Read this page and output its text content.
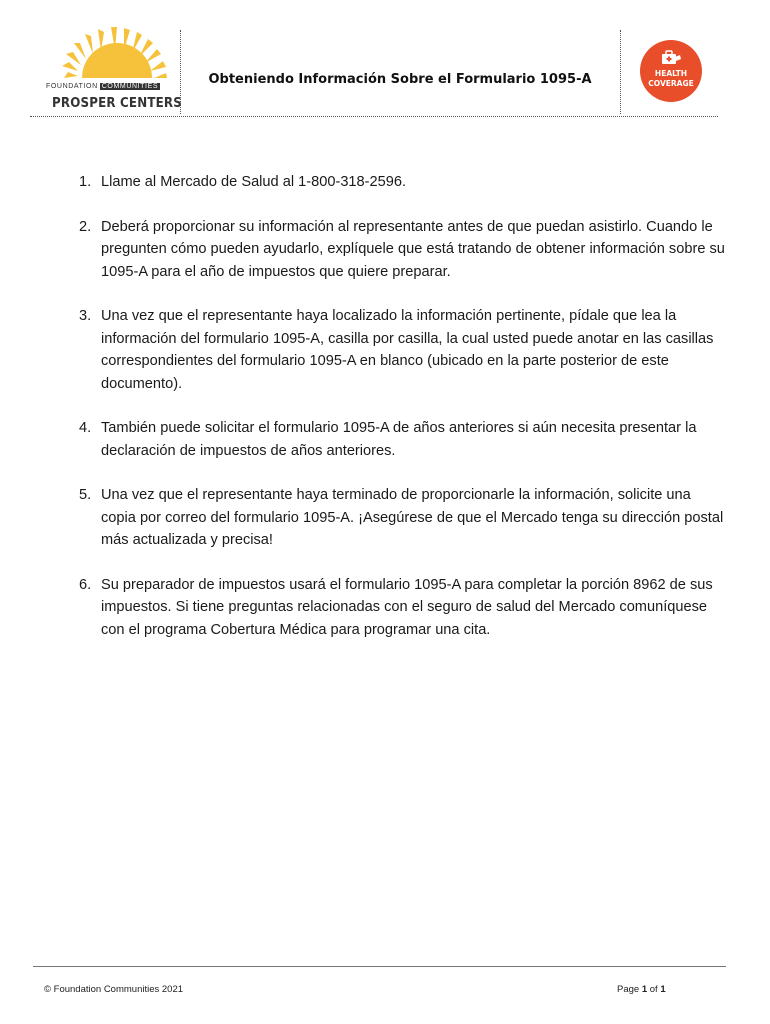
FOUNDATION COMMUNITIES
PROSPER CENTERS
Obteniendo Información Sobre el Formulario 1095-A	HEALTH
COVERAGE
1. Llame al Mercado de Salud al 1-800-318-2596.
2. Deberá proporcionar su información al representante antes de que puedan asistirlo. Cuando le pregunten cómo pueden ayudarlo, explíquele que está tratando de obtener información sobre su 1095-A para el año de impuestos que quiere preparar.
3. Una vez que el representante haya localizado la información pertinente, pídale que lea la información del formulario 1095-A, casilla por casilla, la cual usted puede anotar en las casillas correspondientes del formulario 1095-A en blanco (ubicado en la parte posterior de este documento).
4. También puede solicitar el formulario 1095-A de años anteriores si aún necesita presentar la declaración de impuestos de años anteriores.
5. Una vez que el representante haya terminado de proporcionarle la información, solicite una copia por correo del formulario 1095-A. ¡Asegúrese de que el Mercado tenga su dirección postal más actualizada y precisa!
6. Su preparador de impuestos usará el formulario 1095-A para completar la porción 8962 de sus impuestos. Si tiene preguntas relacionadas con el seguro de salud del Mercado comuníquese con el programa Cobertura Médica para programar una cita.
© Foundation Communities 2021	Page 1 of 1
